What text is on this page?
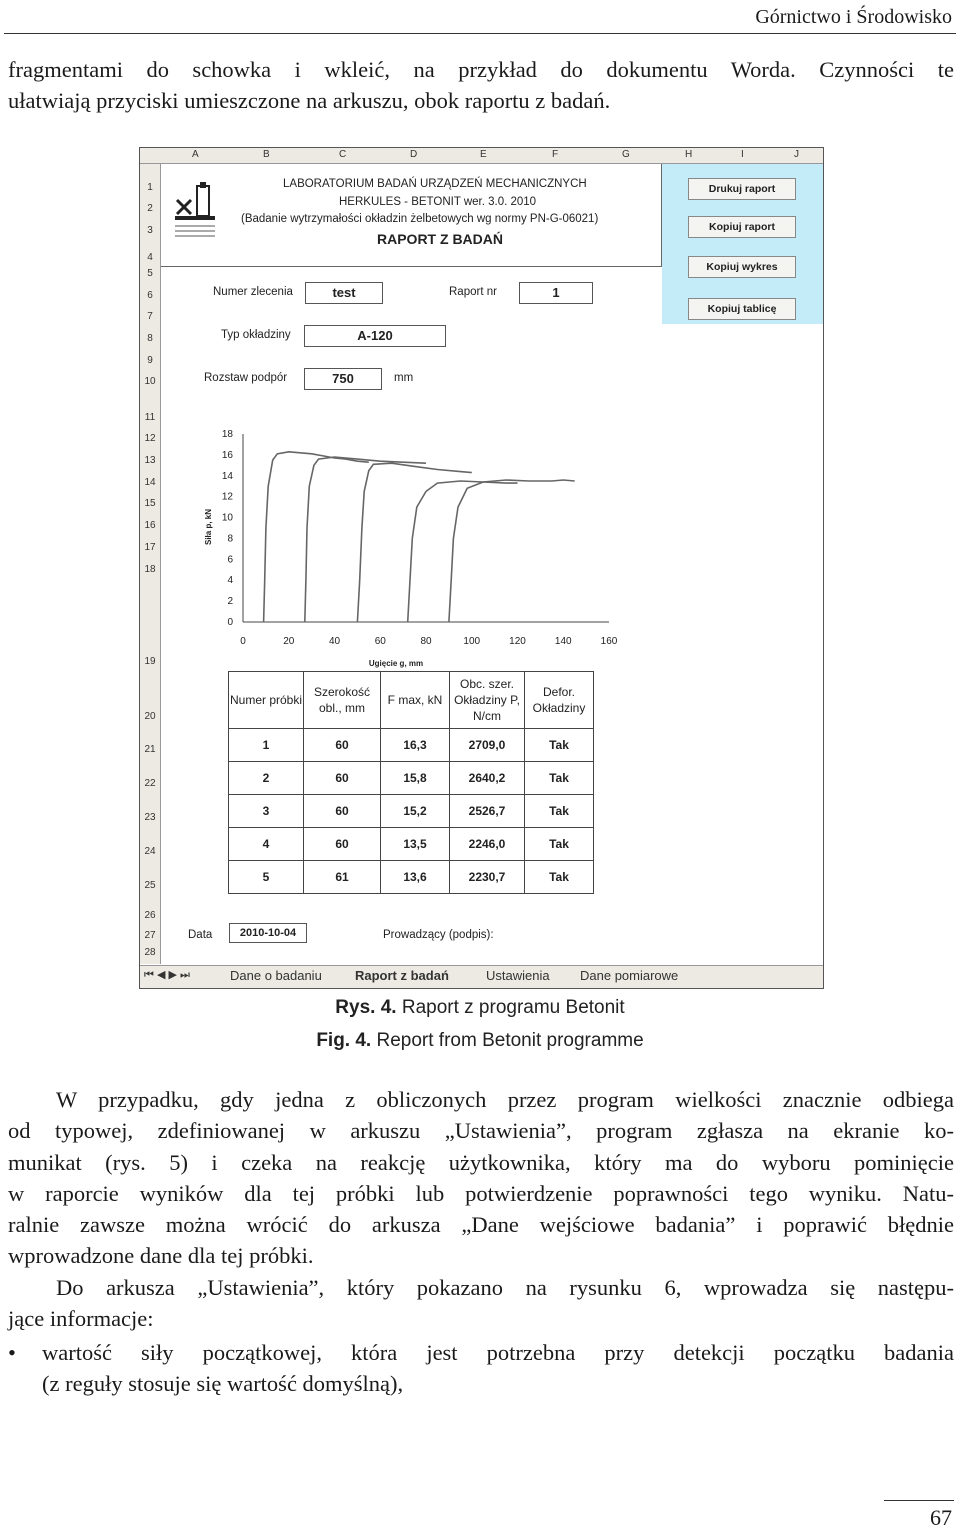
Górnictwo i Środowisko

fragmentami do schowka i wkleić, na przykład do dokumentu Worda. Czynności te
ułatwiają przyciski umieszczone na arkuszu, obok raportu z badań.

A	B	C	D	E	F	G	H	I	J
1
2
3
4
5
6
7
8
9
10
11
12
13
14
15
16
17
18
19
20
21
22
23
24
25
26
27
28
LABORATORIUM BADAŃ URZĄDZEŃ MECHANICZNYCH
HERKULES - BETONIT wer. 3.0. 2010
(Badanie wytrzymałości okładzin żelbetowych wg normy PN-G-06021)
RAPORT Z BADAŃ
Drukuj raport
Kopiuj raport
Kopiuj wykres
Kopiuj tablicę
Numer zlecenia	test	Raport nr	1
Typ okładziny	A-120
Rozstaw podpór	750	mm
0
2
4
6
8
10
12
14
16
18
0	20	40	60	80	100	120	140	160
Siła p, kN
Ugięcie g, mm
Numer próbki	Szerokość obl., mm	F max, kN	Obc. szer. Okładziny P, N/cm	Defor. Okładziny
1	60	16,3	2709,0	Tak
2	60	15,8	2640,2	Tak
3	60	15,2	2526,7	Tak
4	60	13,5	2246,0	Tak
5	61	13,6	2230,7	Tak
Data	2010-10-04	Prowadzący (podpis):
⏮ ◀ ▶ ⏭	Dane o badaniu	Raport z badań	Ustawienia Dane pomiarowe
Rys. 4. Raport z programu Betonit
Fig. 4. Report from Betonit programme

W przypadku, gdy jedna z obliczonych przez program wielkości znacznie odbiega
od typowej, zdefiniowanej w arkuszu „Ustawienia”, program zgłasza na ekranie ko-
munikat (rys. 5) i czeka na reakcję użytkownika, który ma do wyboru pominięcie
w raporcie wyników dla tej próbki lub potwierdzenie poprawności tego wyniku. Natu-
ralnie zawsze można wrócić do arkusza „Dane wejściowe badania” i poprawić błędnie
wprowadzone dane dla tej próbki.

Do arkusza „Ustawienia”, który pokazano na rysunku 6, wprowadza się następu-
jące informacje:

• wartość siły początkowej, która jest potrzebna przy detekcji początku badania
(z reguły stosuje się wartość domyślną),
67
